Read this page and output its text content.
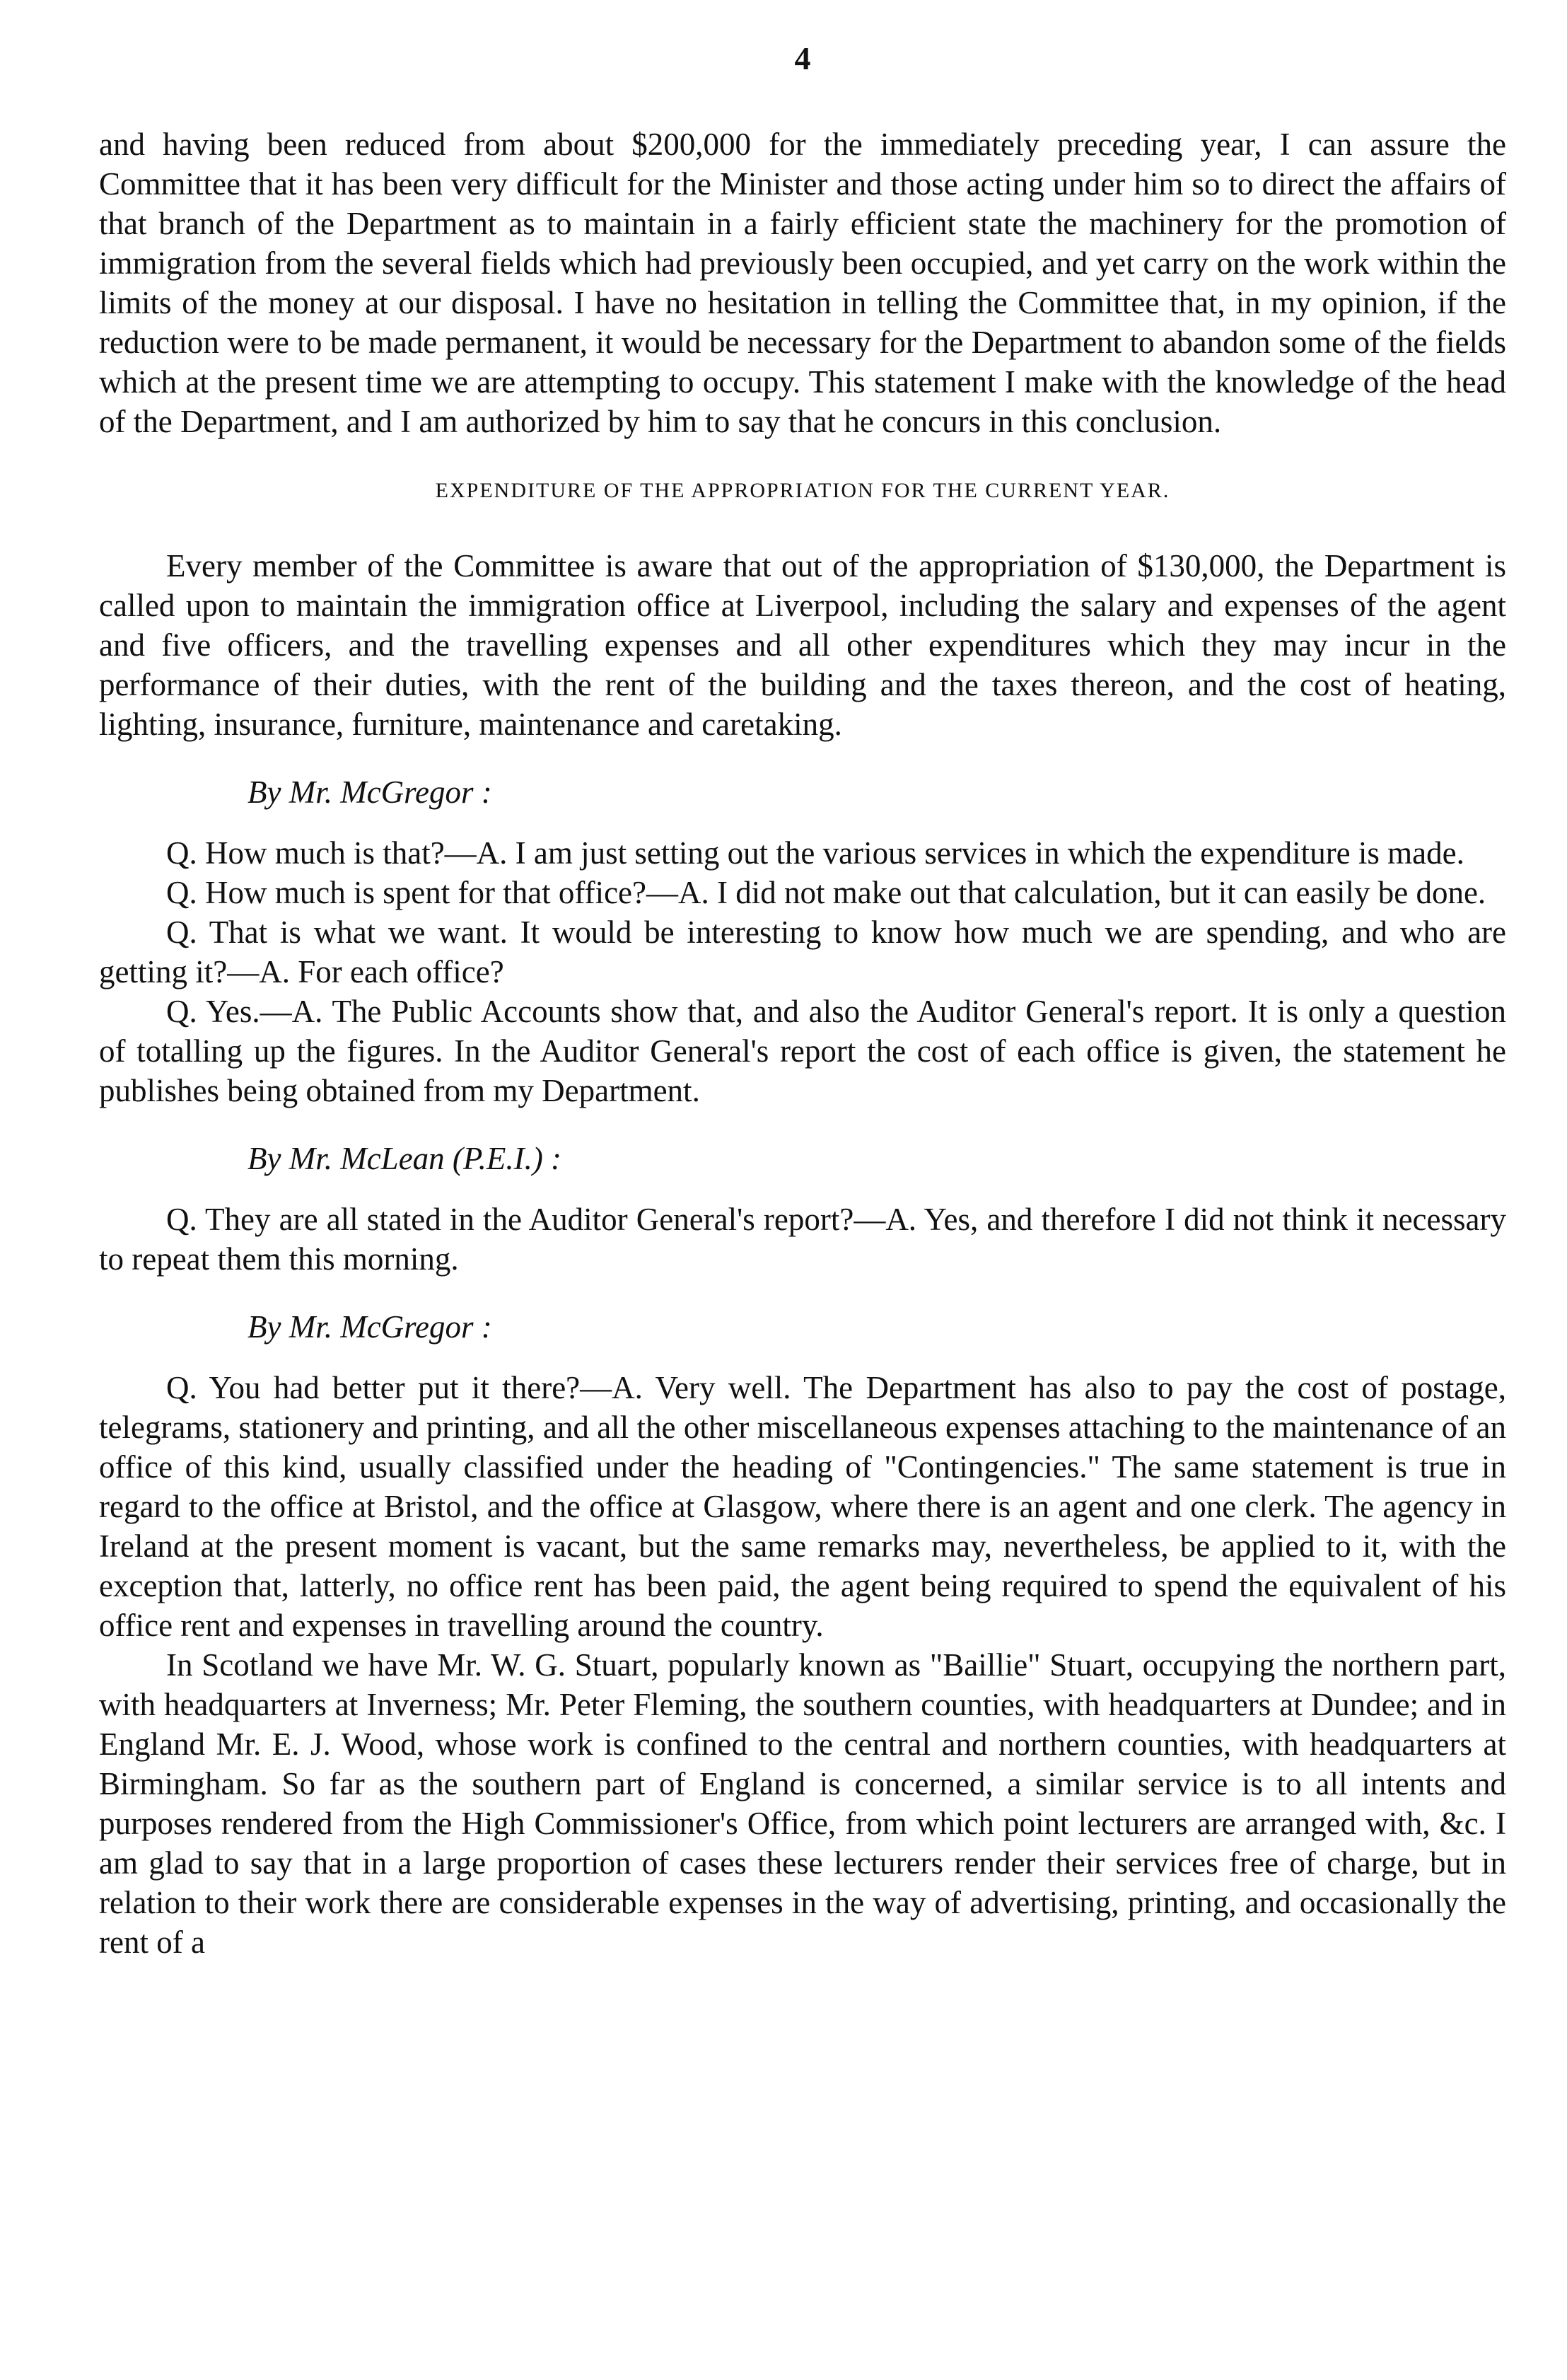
4

and having been reduced from about $200,000 for the immediately preceding year, I can assure the Committee that it has been very difficult for the Minister and those acting under him so to direct the affairs of that branch of the Department as to maintain in a fairly efficient state the machinery for the promotion of immigration from the several fields which had previously been occupied, and yet carry on the work within the limits of the money at our disposal. I have no hesitation in telling the Committee that, in my opinion, if the reduction were to be made permanent, it would be necessary for the Department to abandon some of the fields which at the present time we are attempting to occupy. This statement I make with the knowledge of the head of the Department, and I am authorized by him to say that he concurs in this conclusion.

EXPENDITURE OF THE APPROPRIATION FOR THE CURRENT YEAR.

Every member of the Committee is aware that out of the appropriation of $130,000, the Department is called upon to maintain the immigration office at Liverpool, including the salary and expenses of the agent and five officers, and the travelling expenses and all other expenditures which they may incur in the performance of their duties, with the rent of the building and the taxes thereon, and the cost of heating, lighting, insurance, furniture, maintenance and caretaking.

By Mr. McGregor :

Q. How much is that?—A. I am just setting out the various services in which the expenditure is made.

Q. How much is spent for that office?—A. I did not make out that calculation, but it can easily be done.

Q. That is what we want. It would be interesting to know how much we are spending, and who are getting it?—A. For each office?

Q. Yes.—A. The Public Accounts show that, and also the Auditor General's report. It is only a question of totalling up the figures. In the Auditor General's report the cost of each office is given, the statement he publishes being obtained from my Department.

By Mr. McLean (P.E.I.) :

Q. They are all stated in the Auditor General's report?—A. Yes, and therefore I did not think it necessary to repeat them this morning.

By Mr. McGregor :

Q. You had better put it there?—A. Very well. The Department has also to pay the cost of postage, telegrams, stationery and printing, and all the other miscellaneous expenses attaching to the maintenance of an office of this kind, usually classified under the heading of "Contingencies." The same statement is true in regard to the office at Bristol, and the office at Glasgow, where there is an agent and one clerk. The agency in Ireland at the present moment is vacant, but the same remarks may, nevertheless, be applied to it, with the exception that, latterly, no office rent has been paid, the agent being required to spend the equivalent of his office rent and expenses in travelling around the country.

In Scotland we have Mr. W. G. Stuart, popularly known as "Baillie" Stuart, occupying the northern part, with headquarters at Inverness; Mr. Peter Fleming, the southern counties, with headquarters at Dundee; and in England Mr. E. J. Wood, whose work is confined to the central and northern counties, with headquarters at Birmingham. So far as the southern part of England is concerned, a similar service is to all intents and purposes rendered from the High Commissioner's Office, from which point lecturers are arranged with, &c. I am glad to say that in a large proportion of cases these lecturers render their services free of charge, but in relation to their work there are considerable expenses in the way of advertising, printing, and occasionally the rent of a
